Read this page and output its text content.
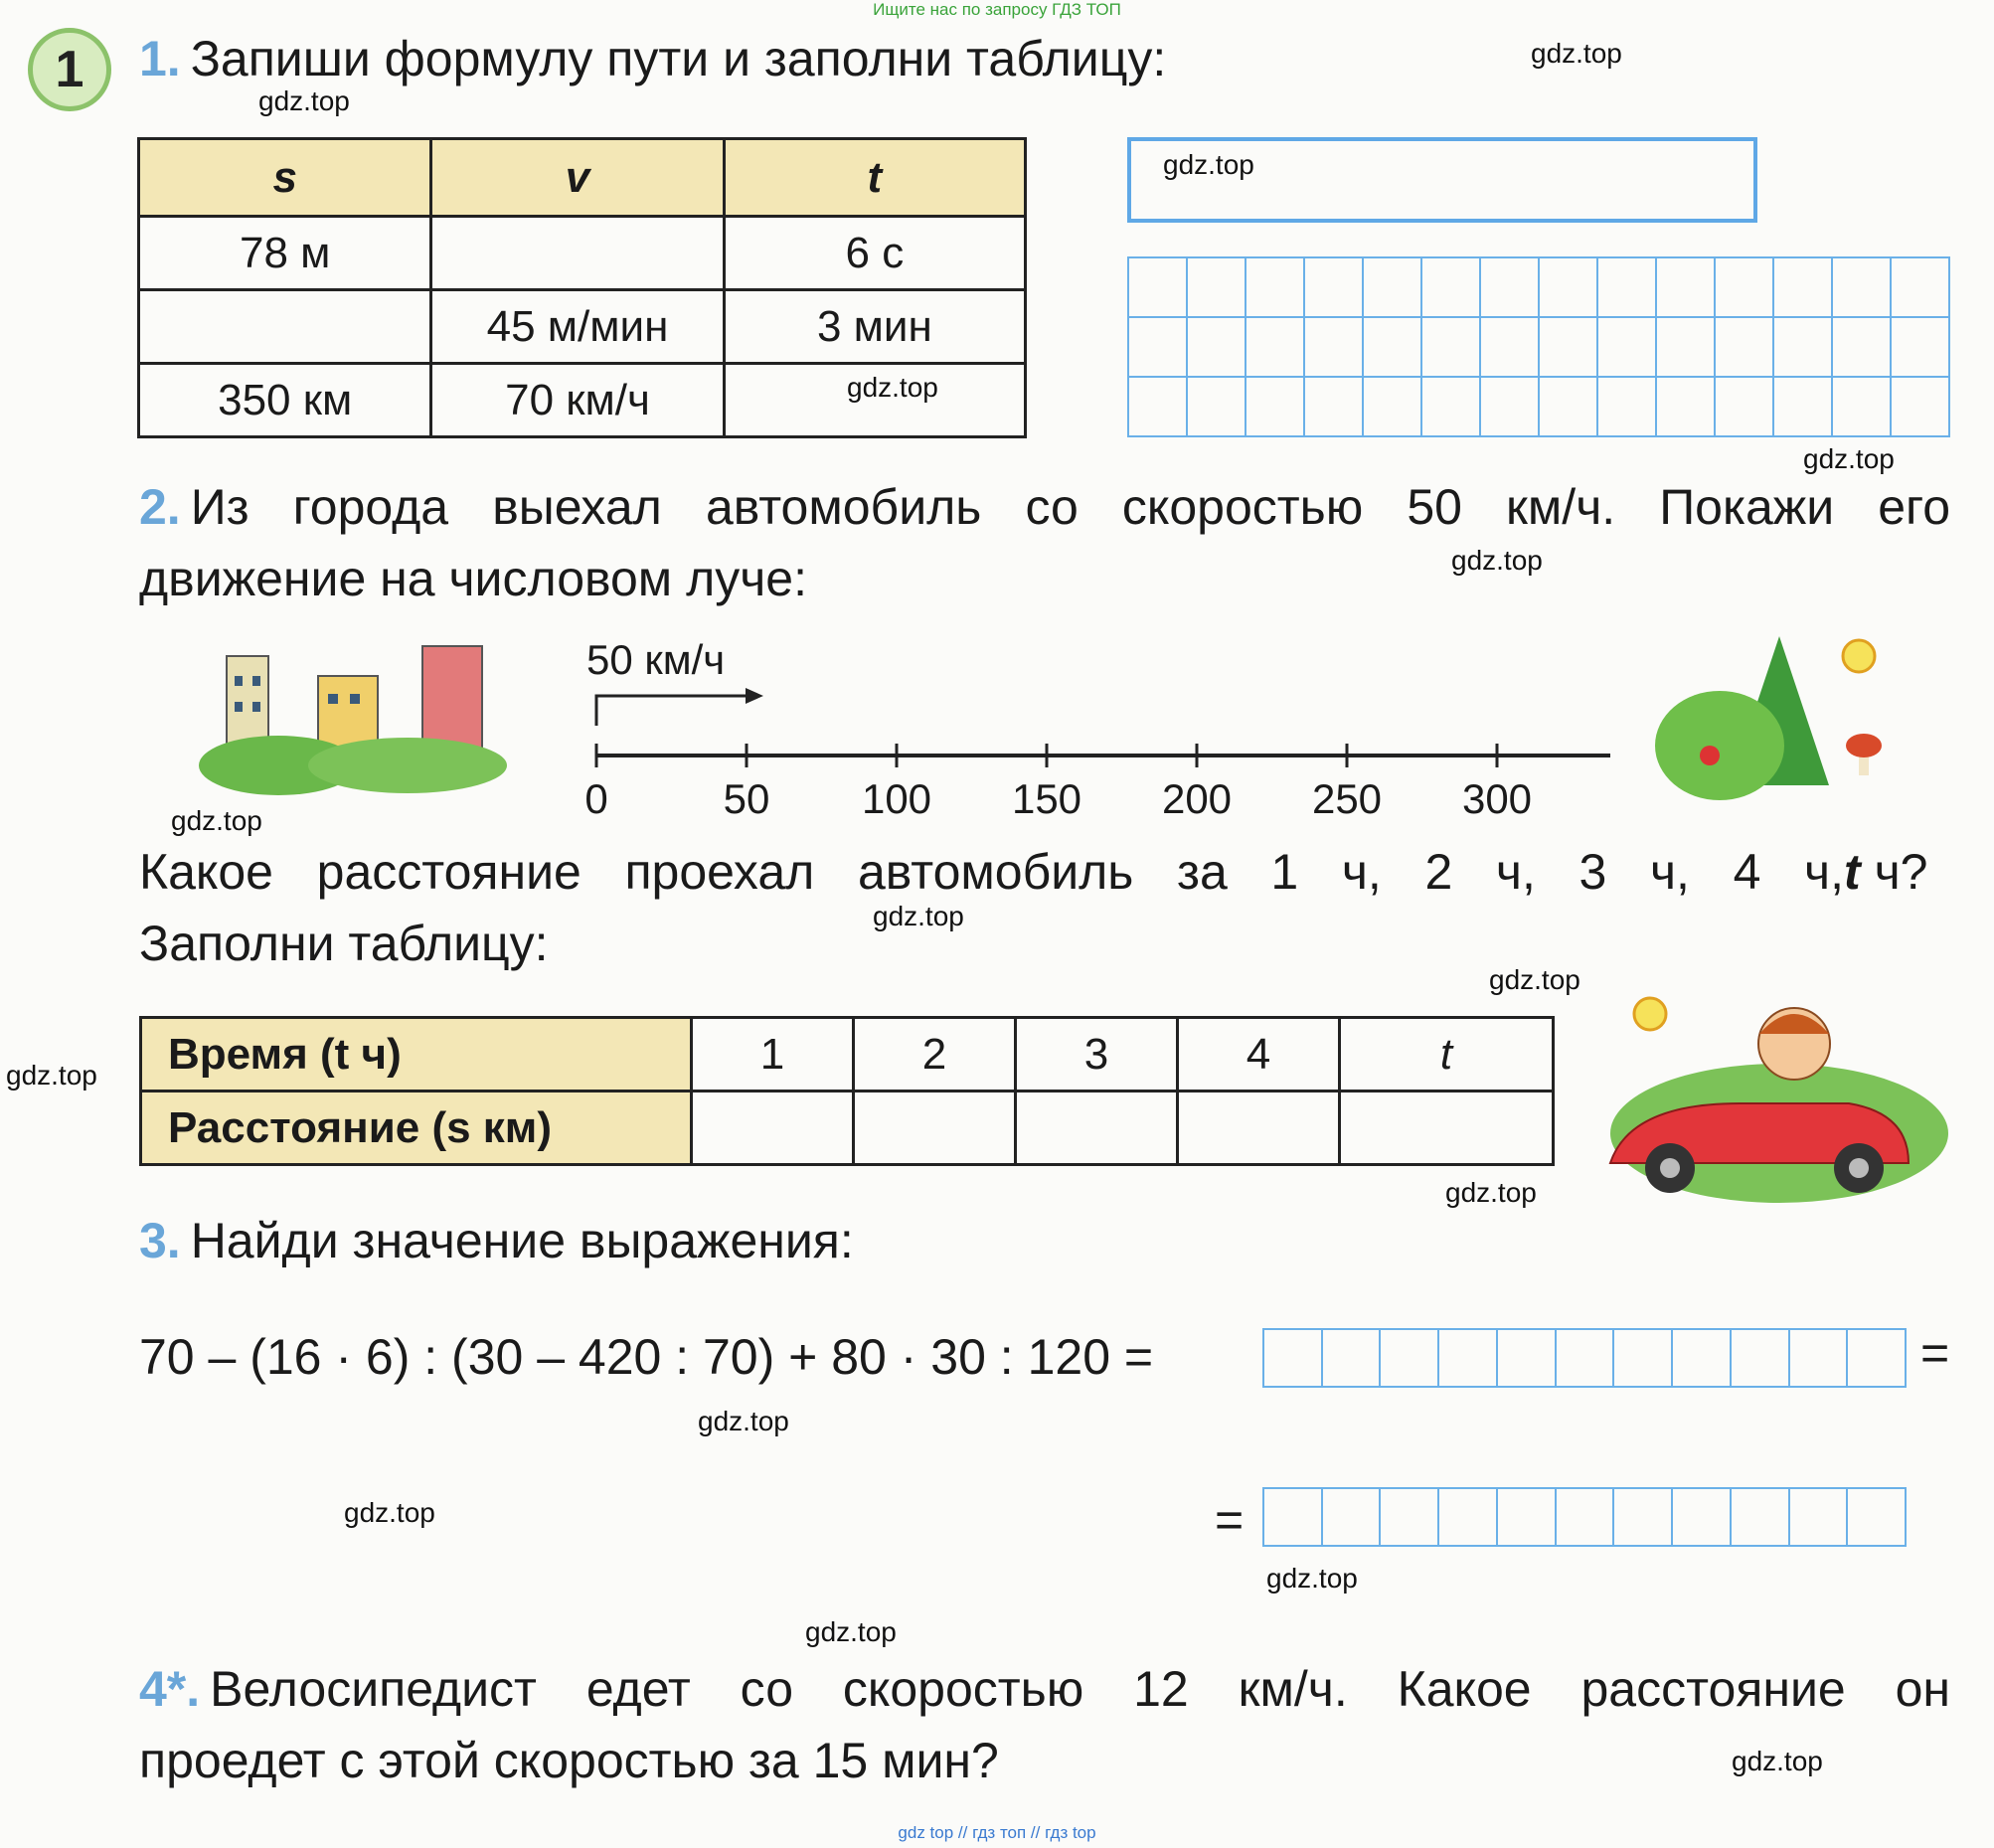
Ищите нас по запросу ГДЗ ТОП
gdz top // гдз топ // гдз top
1	1. Запиши формулу пути и заполни таблицу:
s	v	t
78 м		6 с
	45 м/мин	3 мин
350 км	70 км/ч	
2. Из города выехал автомобиль со скоростью 50 км/ч. Покажи его
движение на числовом луче:
50 км/ч
0	50 100 150 200 250 300
Какое расстояние проехал автомобиль за 1 ч, 2 ч, 3 ч, 4 ч,t ч?
Заполни таблицу:
Время (t ч)	1	2	3	4	t
Расстояние (s км)					
3. Найди значение выражения:
70 – (16 · 6) : (30 – 420 : 70) + 80 · 30 : 120 =	=
=
4*. Велосипедист едет со скоростью 12 км/ч. Какое расстояние он
проедет с этой скоростью за 15 мин?
gdz.top
gdz.top
gdz.top
gdz.top
gdz.top
gdz.top
gdz.top
gdz.top
gdz.top
gdz.top
gdz.top
gdz.top
gdz.top
gdz.top
gdz.top
gdz.top
